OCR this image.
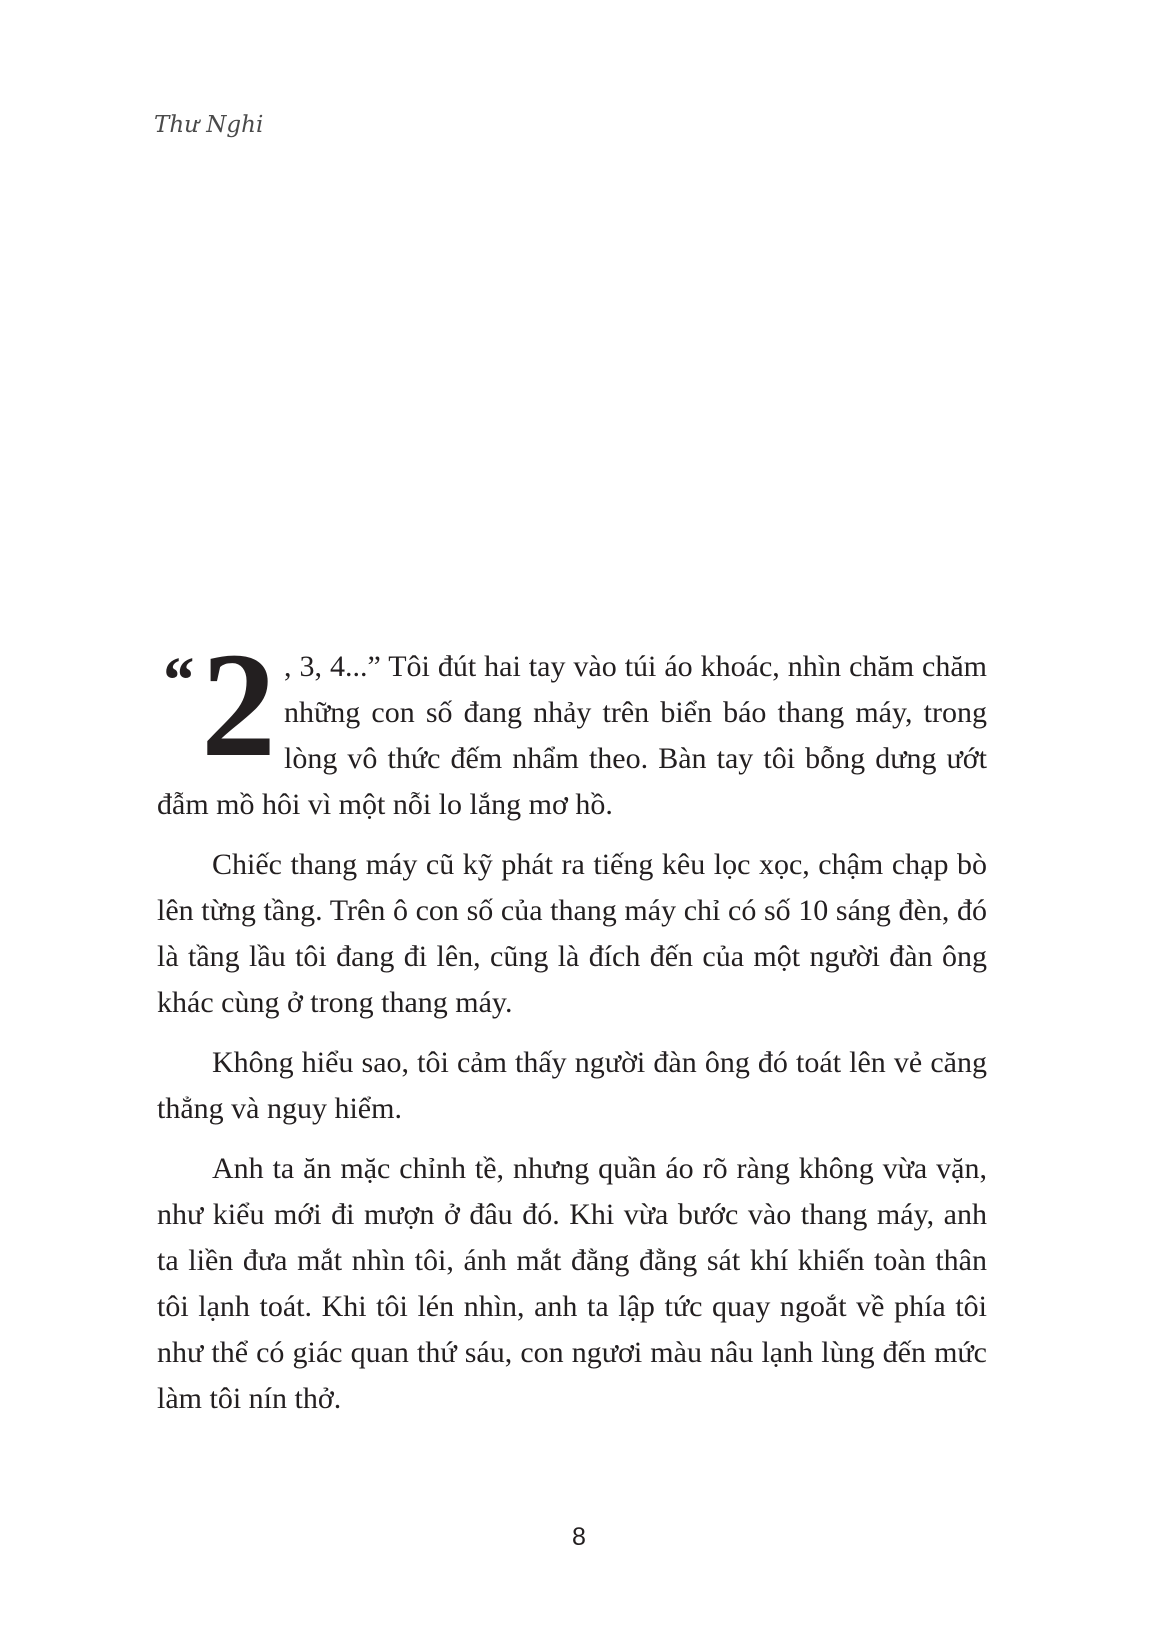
Thư Nghi

“ 2 , 3, 4...” Tôi đút hai tay vào túi áo khoác, nhìn chăm chăm những con số đang nhảy trên biển báo thang máy, trong lòng vô thức đếm nhẩm theo. Bàn tay tôi bỗng dưng ướt đẫm mồ hôi vì một nỗi lo lắng mơ hồ.

Chiếc thang máy cũ kỹ phát ra tiếng kêu lọc xọc, chậm chạp bò lên từng tầng. Trên ô con số của thang máy chỉ có số 10 sáng đèn, đó là tầng lầu tôi đang đi lên, cũng là đích đến của một người đàn ông khác cùng ở trong thang máy.

Không hiểu sao, tôi cảm thấy người đàn ông đó toát lên vẻ căng thẳng và nguy hiểm.

Anh ta ăn mặc chỉnh tề, nhưng quần áo rõ ràng không vừa vặn, như kiểu mới đi mượn ở đâu đó. Khi vừa bước vào thang máy, anh ta liền đưa mắt nhìn tôi, ánh mắt đằng đằng sát khí khiến toàn thân tôi lạnh toát. Khi tôi lén nhìn, anh ta lập tức quay ngoắt về phía tôi như thể có giác quan thứ sáu, con ngươi màu nâu lạnh lùng đến mức làm tôi nín thở.

8
